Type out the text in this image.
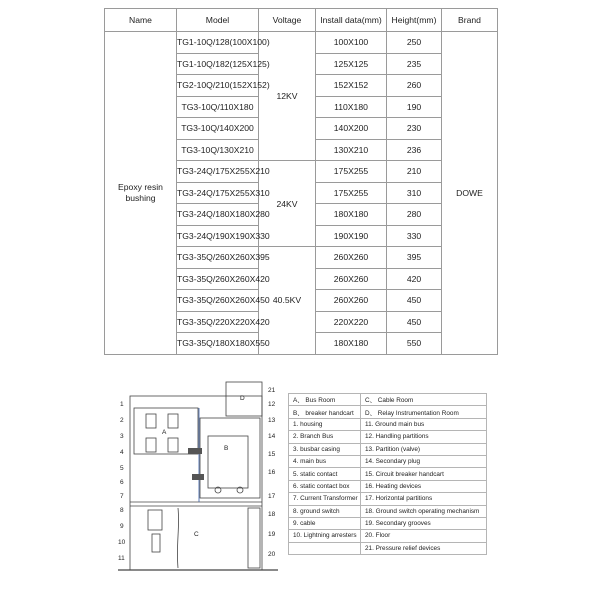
Name	Model	Voltage	Install data(mm)	Height(mm)	Brand
Epoxy resin bushing	TG1-10Q/128(100X100)	12KV	100X100	250	DOWE
	TG1-10Q/182(125X125)		125X125	235	
	TG2-10Q/210(152X152)		152X152	260	
	TG3-10Q/110X180		110X180	190	
	TG3-10Q/140X200		140X200	230	
	TG3-10Q/130X210		130X210	236	
	TG3-24Q/175X255X210	24KV	175X255	210	
	TG3-24Q/175X255X310		175X255	310	
	TG3-24Q/180X180X280		180X180	280	
	TG3-24Q/190X190X330		190X190	330	
	TG3-35Q/260X260X395	40.5KV	260X260	395	
	TG3-35Q/260X260X420		260X260	420	
	TG3-35Q/260X260X450		260X260	450	
	TG3-35Q/220X220X420		220X220	450	
	TG3-35Q/180X180X550		180X180	550	
A
B
C
D
1
2
3
4
5
6
7
8
9
10
11
21
12
13
14
15
16
17
18
19
20
A、 Bus Room	C、 Cable Room
B、 breaker handcart	D、 Relay Instrumentation Room
1. housing	11. Ground main bus
2. Branch Bus	12. Handling partitions
3. busbar casing	13. Partition (valve)
4. main bus	14. Secondary plug
5. static contact	15. Circuit breaker handcart
6. static contact box	16. Heating devices
7. Current Transformer	17. Horizontal partitions
8. ground switch	18. Ground switch operating mechanism
9. cable	19. Secondary grooves
10. Lightning arresters	20. Floor
	21. Pressure relief devices
